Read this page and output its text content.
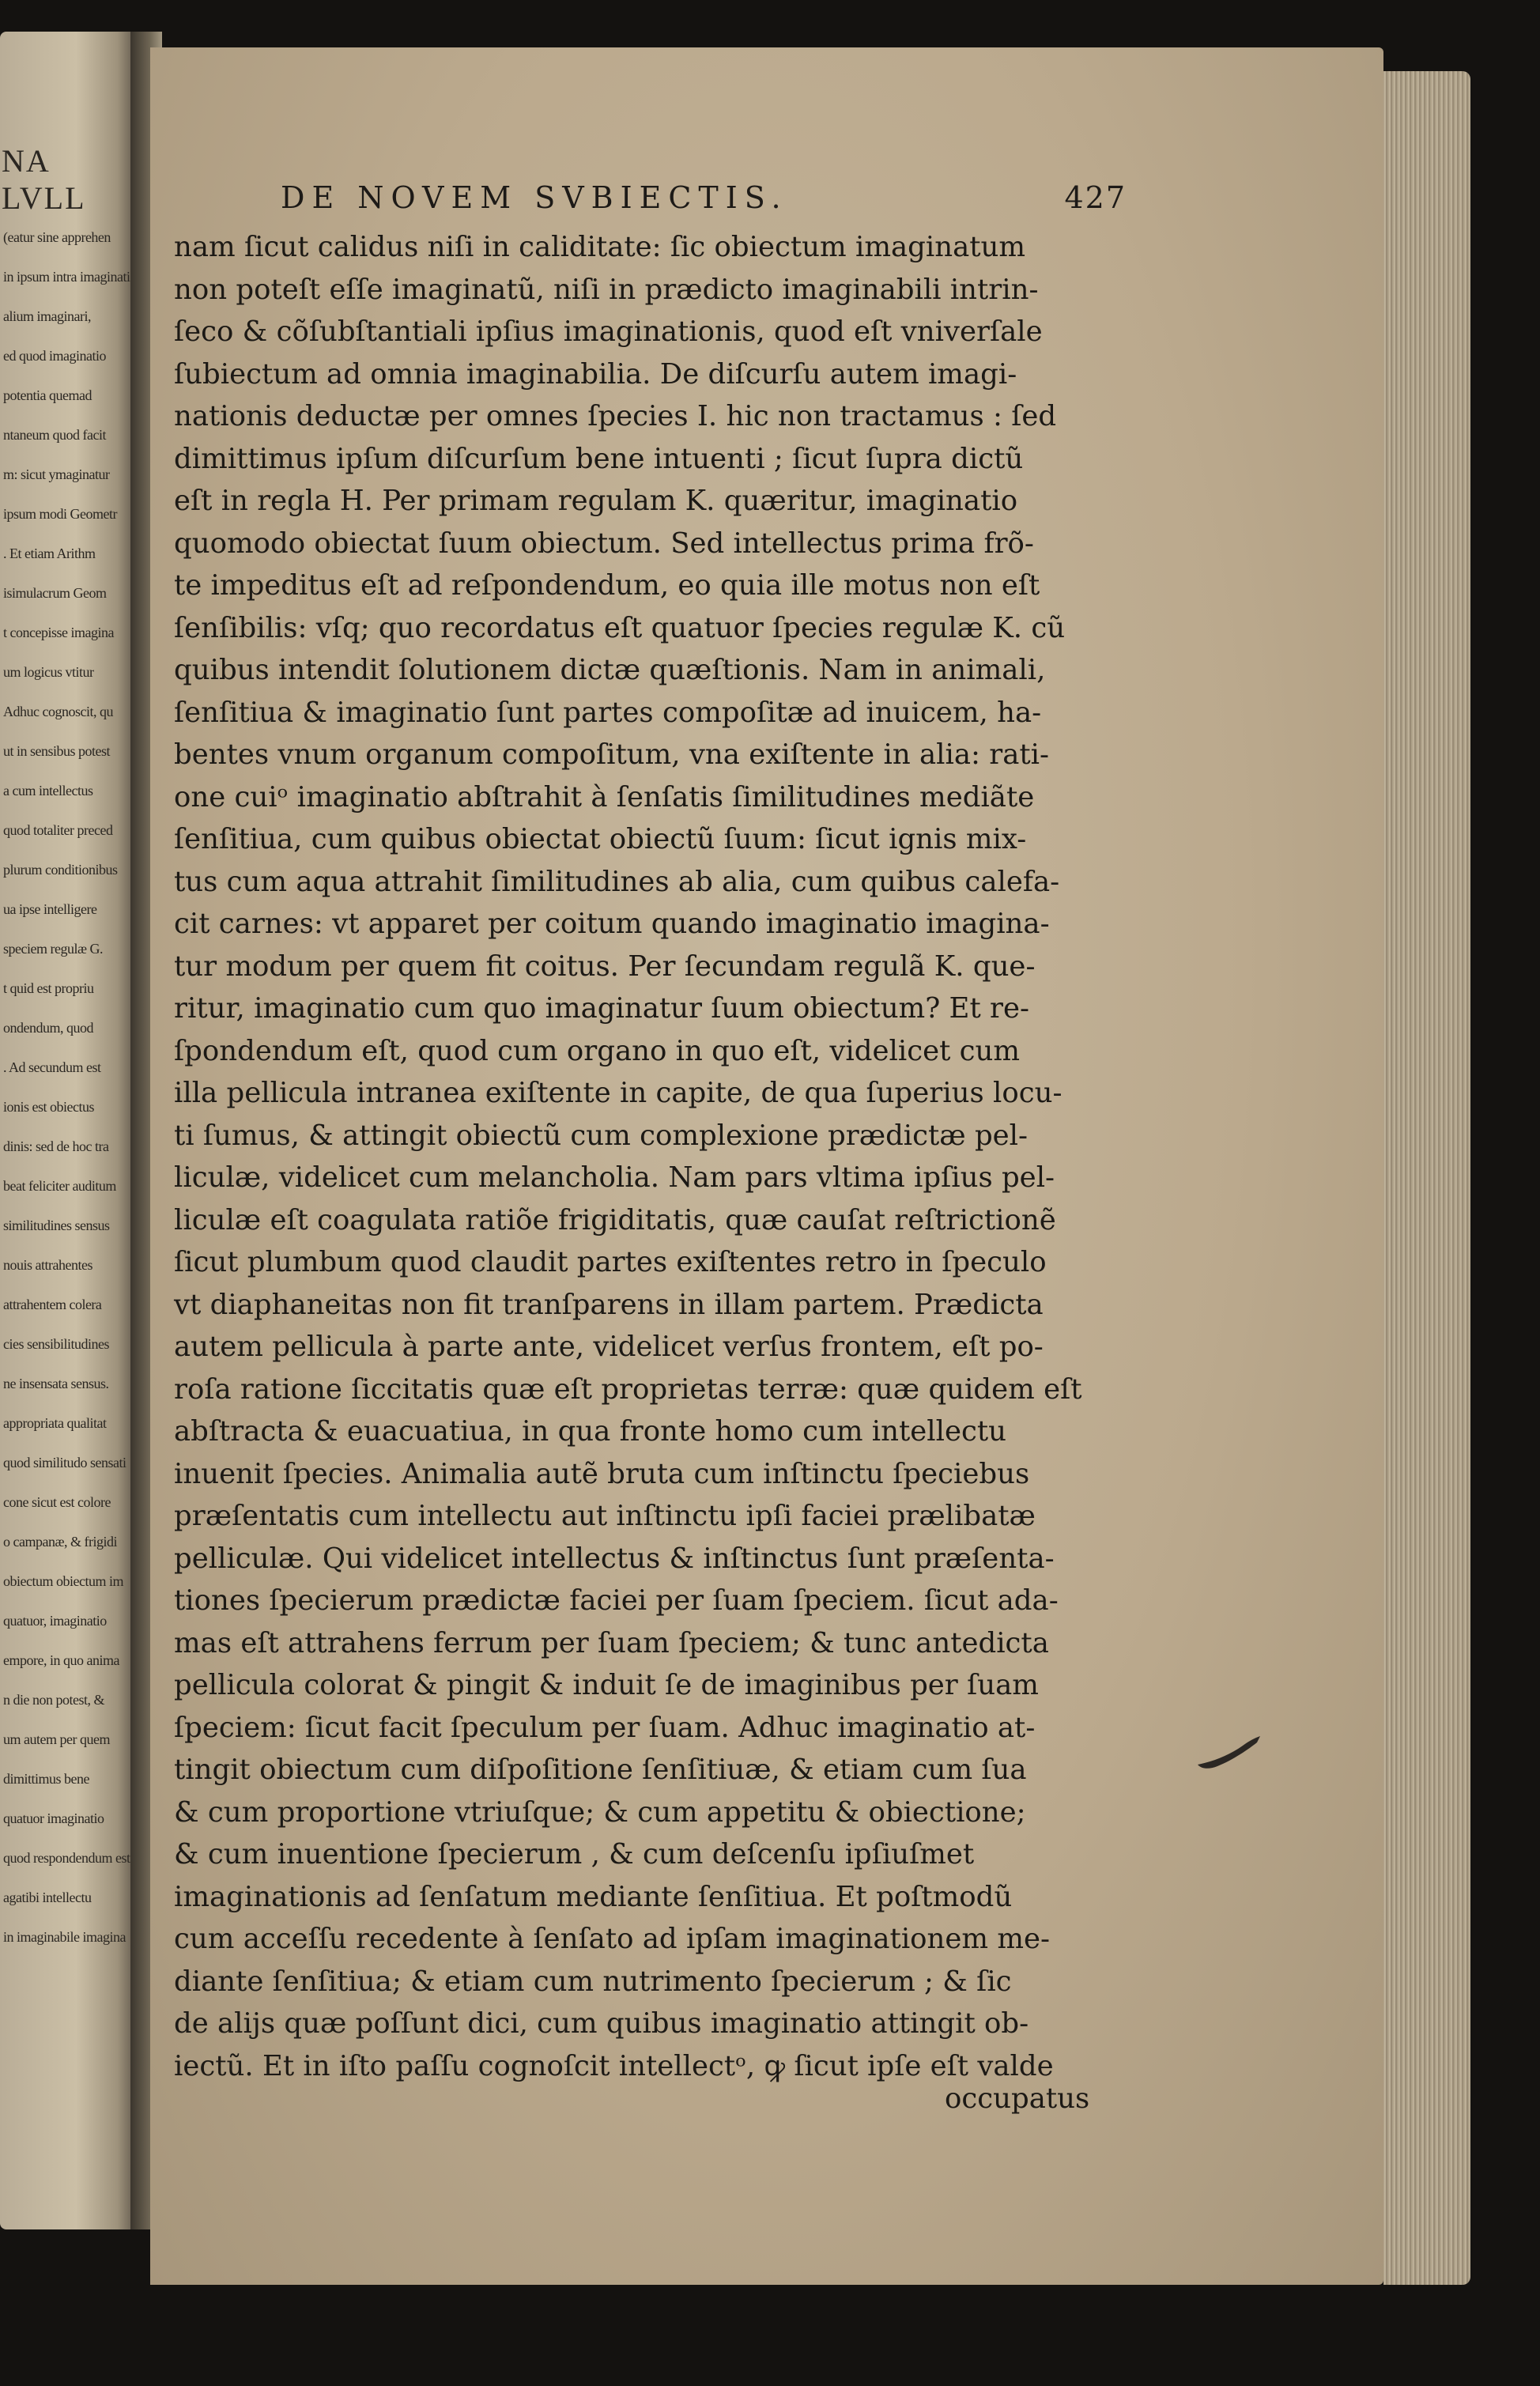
NA LVLL
(eatur sine apprehen
in ipsum intra imaginati
alium imaginari,
ed quod imaginatio
potentia quemad
ntaneum quod facit
m: sicut ymaginatur
ipsum modi Geometr
. Et etiam Arithm
isimulacrum Geom
t concepisse imagina
um logicus vtitur
Adhuc cognoscit, qu
ut in sensibus potest
a cum intellectus
quod totaliter preced
plurum conditionibus
ua ipse intelligere
speciem regulæ G.
t quid est propriu
ondendum, quod
. Ad secundum est
ionis est obiectus
dinis: sed de hoc tra
beat feliciter auditum
similitudines sensus
nouis attrahentes
attrahentem colera
cies sensibilitudines
ne insensata sensus.
appropriata qualitat
quod similitudo sensati
cone sicut est colore
o campanæ, & frigidi
obiectum obiectum im
quatuor, imaginatio
empore, in quo anima
n die non potest, &
um autem per quem
dimittimus bene
quatuor imaginatio
quod respondendum est
agatibi intellectu
in imaginabile imagina
DE NOVEM SVBIECTIS.	427
nam ſicut calidus niſi in caliditate: ſic obiectum imaginatum
non poteſt eſſe imaginatũ, niſi in prædicto imaginabili intrin-
ſeco & cõſubſtantiali ipſius imaginationis, quod eſt vniverſale
ſubiectum ad omnia imaginabilia. De diſcurſu autem imagi-
nationis deductæ per omnes ſpecies I. hic non tractamus : ſed
dimittimus ipſum diſcurſum bene intuenti ; ſicut ſupra dictũ
eſt in regla H. Per primam regulam K. quæritur, imaginatio
quomodo obiectat ſuum obiectum. Sed intellectus prima frõ-
te impeditus eſt ad reſpondendum, eo quia ille motus non eſt
ſenſibilis: vſq; quo recordatus eſt quatuor ſpecies regulæ K. cũ
quibus intendit ſolutionem dictæ quæſtionis. Nam in animali,
ſenſitiua & imaginatio ſunt partes compoſitæ ad inuicem, ha-
bentes vnum organum compoſitum, vna exiſtente in alia: rati-
one cuiᵒ imaginatio abſtrahit à ſenſatis ſimilitudines mediãte
ſenſitiua, cum quibus obiectat obiectũ ſuum: ſicut ignis mix-
tus cum aqua attrahit ſimilitudines ab alia, cum quibus calefa-
cit carnes: vt apparet per coitum quando imaginatio imagina-
tur modum per quem fit coitus. Per ſecundam regulã K. que-
ritur, imaginatio cum quo imaginatur ſuum obiectum? Et re-
ſpondendum eſt, quod cum organo in quo eſt, videlicet cum
illa pellicula intranea exiſtente in capite, de qua ſuperius locu-
ti ſumus, & attingit obiectũ cum complexione prædictæ pel-
liculæ, videlicet cum melancholia. Nam pars vltima ipſius pel-
liculæ eſt coagulata ratiõe frigiditatis, quæ cauſat reſtrictionẽ
ſicut plumbum quod claudit partes exiſtentes retro in ſpeculo
vt diaphaneitas non fit tranſparens in illam partem. Prædicta
autem pellicula à parte ante, videlicet verſus frontem, eſt po-
roſa ratione ſiccitatis quæ eſt proprietas terræ: quæ quidem eſt
abſtracta & euacuatiua, in qua fronte homo cum intellectu
inuenit ſpecies. Animalia autẽ bruta cum inſtinctu ſpeciebus
præſentatis cum intellectu aut inſtinctu ipſi faciei prælibatæ
pelliculæ. Qui videlicet intellectus & inſtinctus ſunt præſenta-
tiones ſpecierum prædictæ faciei per ſuam ſpeciem. ſicut ada-
mas eſt attrahens ferrum per ſuam ſpeciem; & tunc antedicta
pellicula colorat & pingit & induit ſe de imaginibus per ſuam
ſpeciem: ſicut facit ſpeculum per ſuam. Adhuc imaginatio at-
tingit obiectum cum diſpoſitione ſenſitiuæ, & etiam cum ſua
& cum proportione vtriuſque; & cum appetitu & obiectione;
& cum inuentione ſpecierum , & cum deſcenſu ipſiuſmet
imaginationis ad ſenſatum mediante ſenſitiua. Et poſtmodũ
cum acceſſu recedente à ſenſato ad ipſam imaginationem me-
diante ſenſitiua; & etiam cum nutrimento ſpecierum ; & ſic
de alijs quæ poſſunt dici, cum quibus imaginatio attingit ob-
iectũ. Et in iſto paſſu cognoſcit intellectᵒ, ꝙ ſicut ipſe eſt valde
occupatus
